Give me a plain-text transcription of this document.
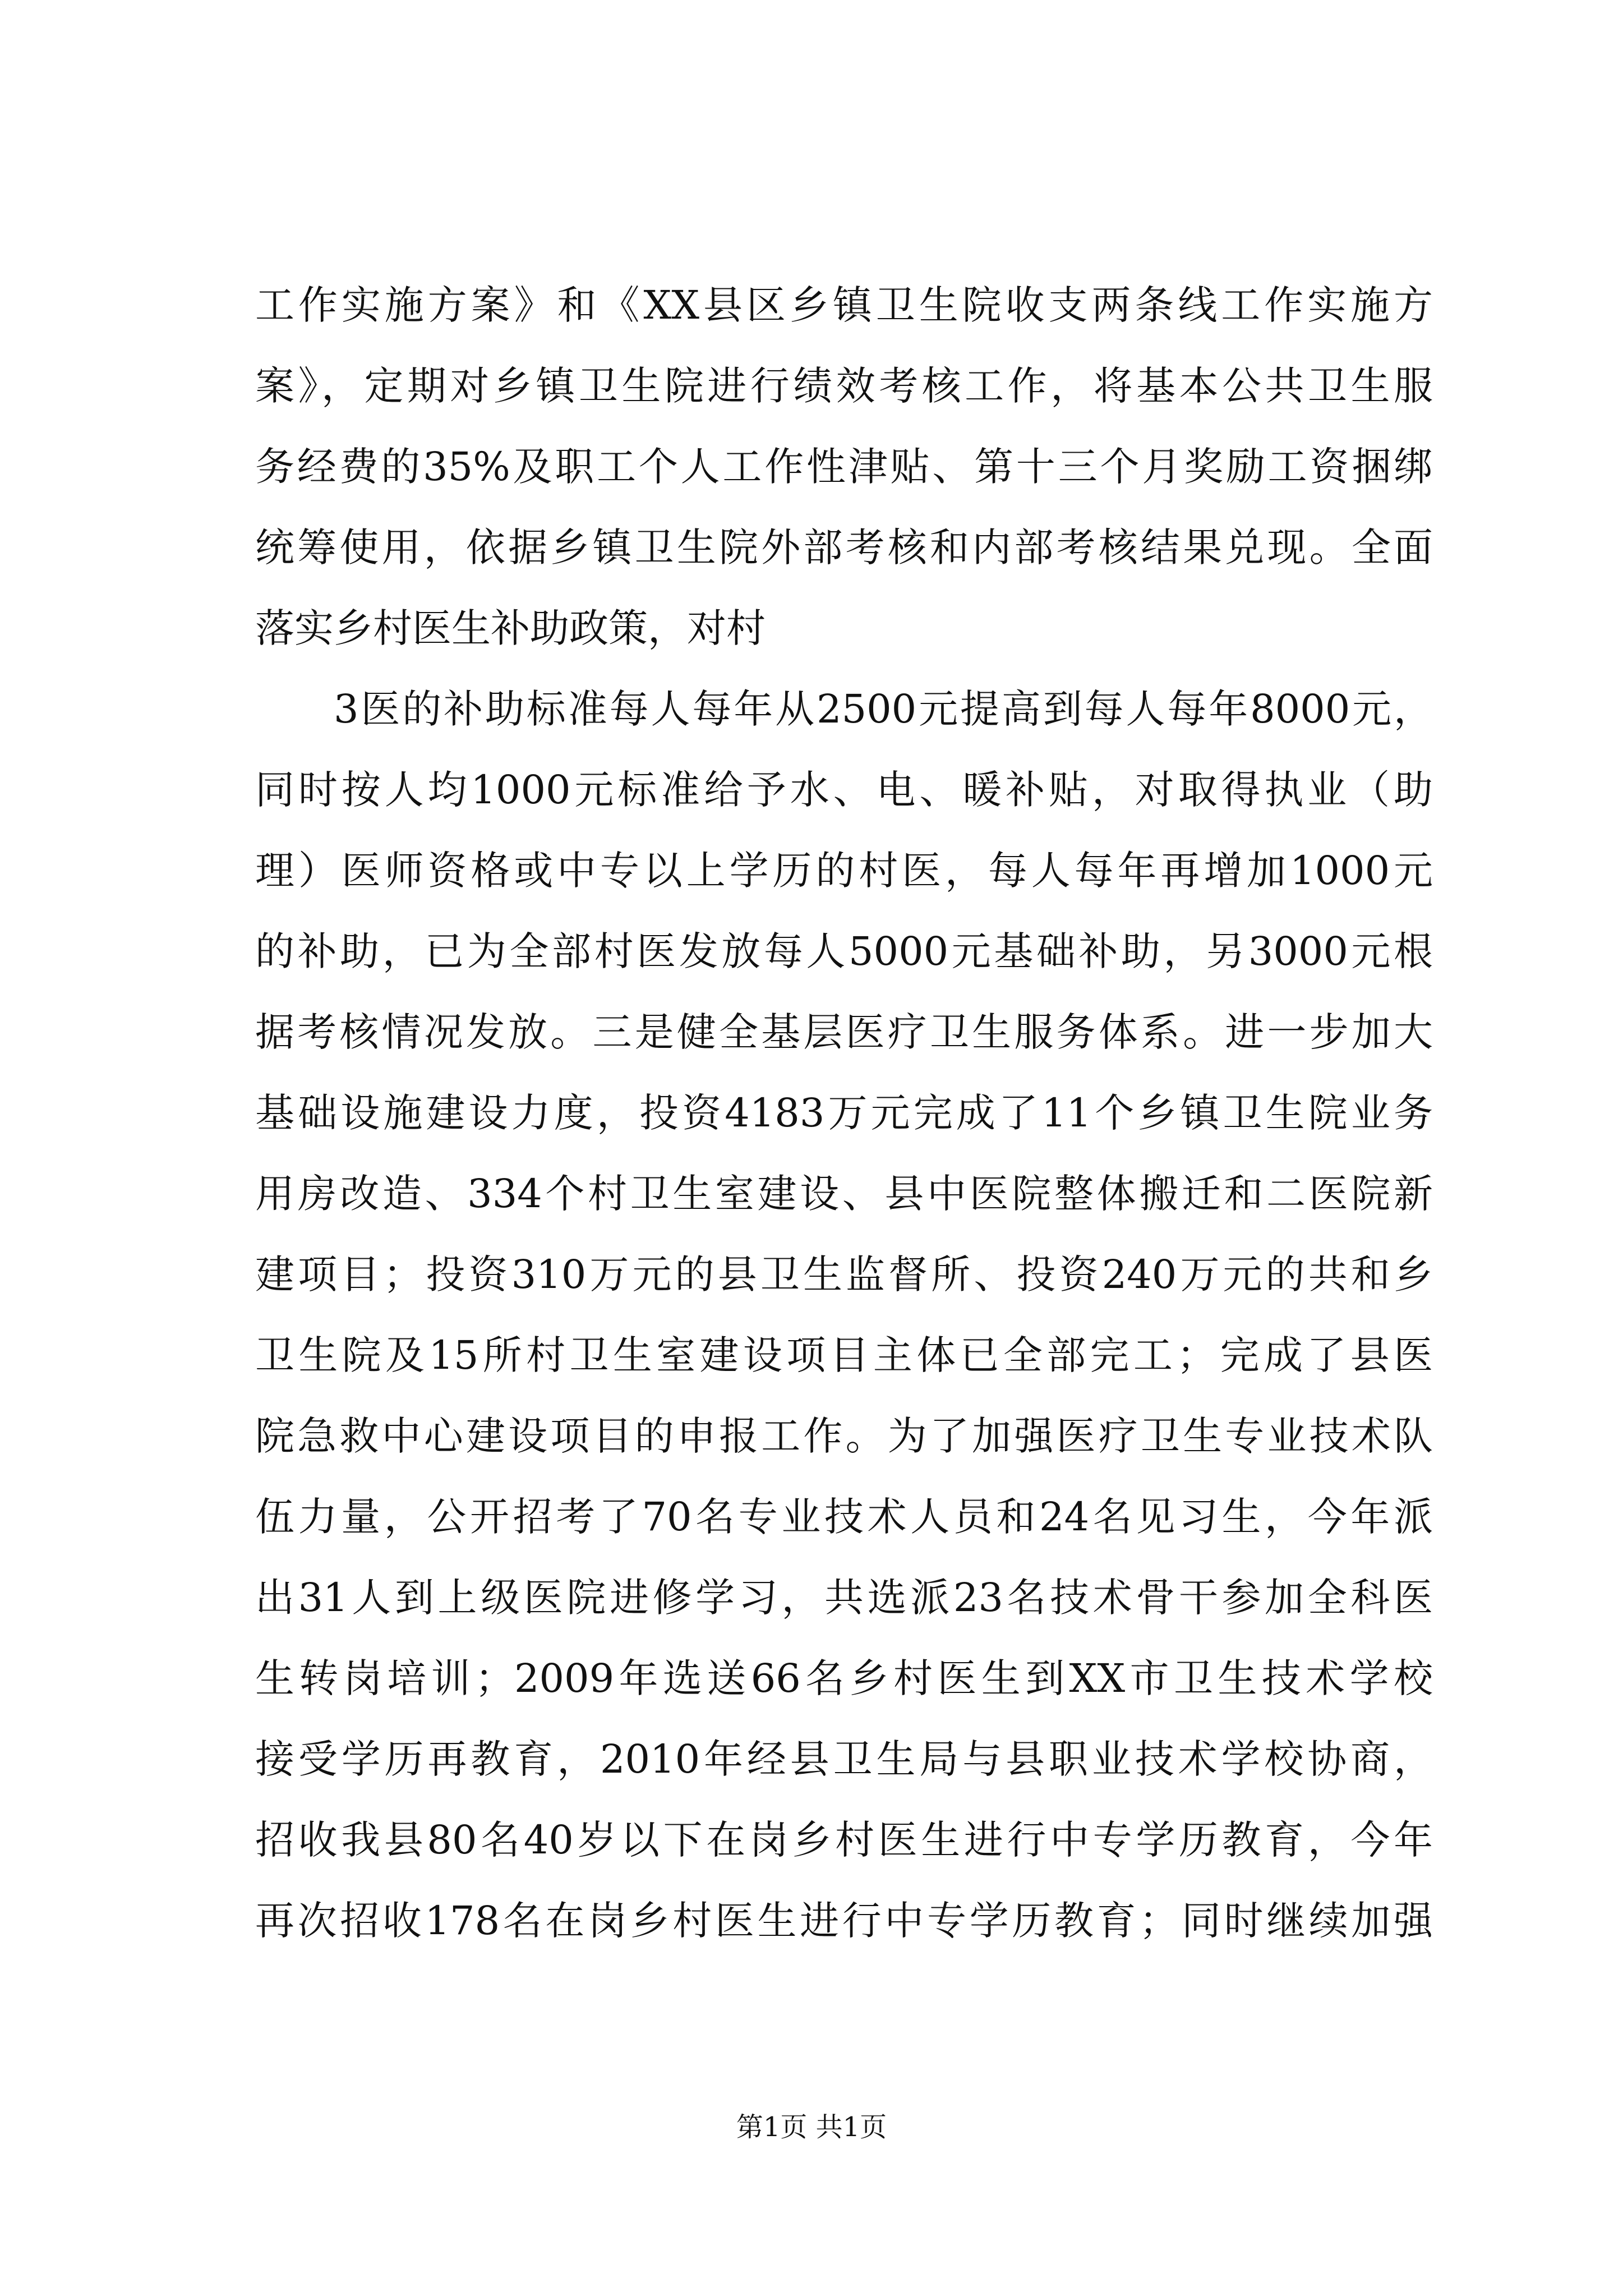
工作实施方案》和《XX县区乡镇卫生院收支两条线工作实施方
案》，定期对乡镇卫生院进行绩效考核工作，将基本公共卫生服
务经费的35%及职工个人工作性津贴、第十三个月奖励工资捆绑
统筹使用，依据乡镇卫生院外部考核和内部考核结果兑现。全面
落实乡村医生补助政策，对村
3医的补助标准每人每年从2500元提高到每人每年8000元，
同时按人均1000元标准给予水、电、暖补贴，对取得执业（助
理）医师资格或中专以上学历的村医，每人每年再增加1000元
的补助，已为全部村医发放每人5000元基础补助，另3000元根
据考核情况发放。三是健全基层医疗卫生服务体系。进一步加大
基础设施建设力度，投资4183万元完成了11个乡镇卫生院业务
用房改造、334个村卫生室建设、县中医院整体搬迁和二医院新
建项目；投资310万元的县卫生监督所、投资240万元的共和乡
卫生院及15所村卫生室建设项目主体已全部完工；完成了县医
院急救中心建设项目的申报工作。为了加强医疗卫生专业技术队
伍力量，公开招考了70名专业技术人员和24名见习生，今年派
出31人到上级医院进修学习，共选派23名技术骨干参加全科医
生转岗培训；2009年选送66名乡村医生到XX市卫生技术学校
接受学历再教育，2010年经县卫生局与县职业技术学校协商，
招收我县80名40岁以下在岗乡村医生进行中专学历教育，今年
再次招收178名在岗乡村医生进行中专学历教育；同时继续加强
第1页 共1页
